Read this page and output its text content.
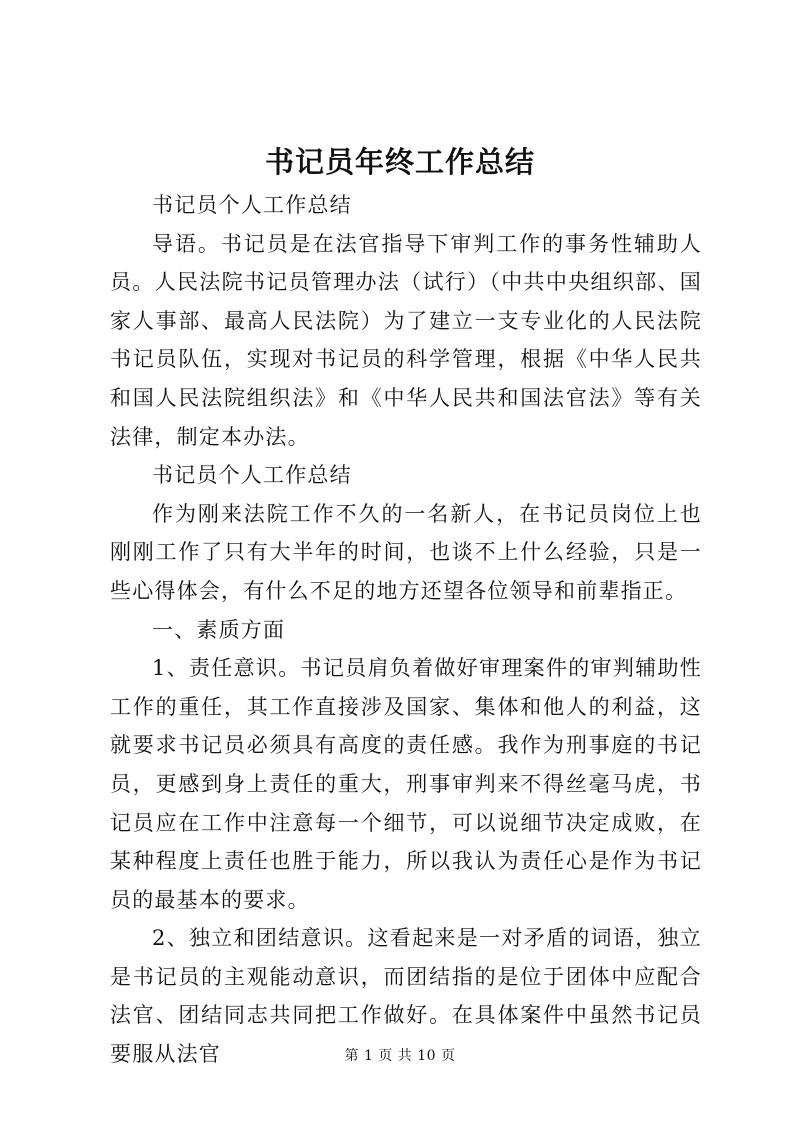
书记员年终工作总结

书记员个人工作总结

导语。书记员是在法官指导下审判工作的事务性辅助人员。人民法院书记员管理办法（试行）（中共中央组织部、国家人事部、最高人民法院）为了建立一支专业化的人民法院书记员队伍，实现对书记员的科学管理，根据《中华人民共和国人民法院组织法》和《中华人民共和国法官法》等有关法律，制定本办法。

书记员个人工作总结

作为刚来法院工作不久的一名新人，在书记员岗位上也刚刚工作了只有大半年的时间，也谈不上什么经验，只是一些心得体会，有什么不足的地方还望各位领导和前辈指正。

一、素质方面

1、责任意识。书记员肩负着做好审理案件的审判辅助性工作的重任，其工作直接涉及国家、集体和他人的利益，这就要求书记员必须具有高度的责任感。我作为刑事庭的书记员，更感到身上责任的重大，刑事审判来不得丝毫马虎，书记员应在工作中注意每一个细节，可以说细节决定成败，在某种程度上责任也胜于能力，所以我认为责任心是作为书记员的最基本的要求。

2、独立和团结意识。这看起来是一对矛盾的词语，独立是书记员的主观能动意识，而团结指的是位于团体中应配合法官、团结同志共同把工作做好。在具体案件中虽然书记员要服从法官	第 1 页 共 10 页
